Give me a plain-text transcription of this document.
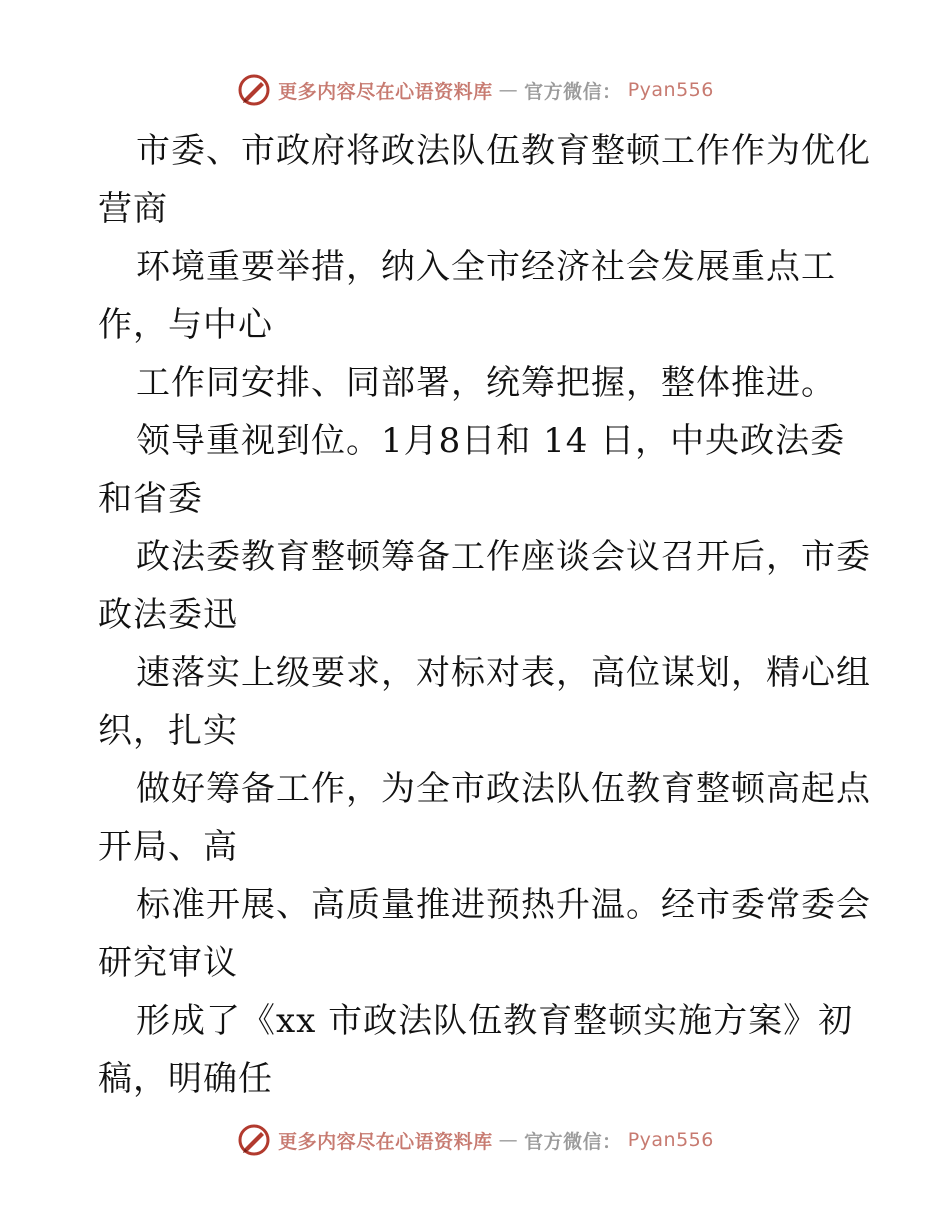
更多内容尽在心语资料库 — 官方微信： Pyan556

市委、市政府将政法队伍教育整顿工作作为优化
营商

环境重要举措，纳入全市经济社会发展重点工
作，与中心

工作同安排、同部署，统筹把握，整体推进。

领导重视到位。1月8日和 14 日，中央政法委
和省委

政法委教育整顿筹备工作座谈会议召开后，市委
政法委迅

速落实上级要求，对标对表，高位谋划，精心组
织，扎实

做好筹备工作，为全市政法队伍教育整顿高起点
开局、高

标准开展、高质量推进预热升温。经市委常委会
研究审议

形成了《xx 市政法队伍教育整顿实施方案》初
稿，明确任

更多内容尽在心语资料库 — 官方微信： Pyan556
